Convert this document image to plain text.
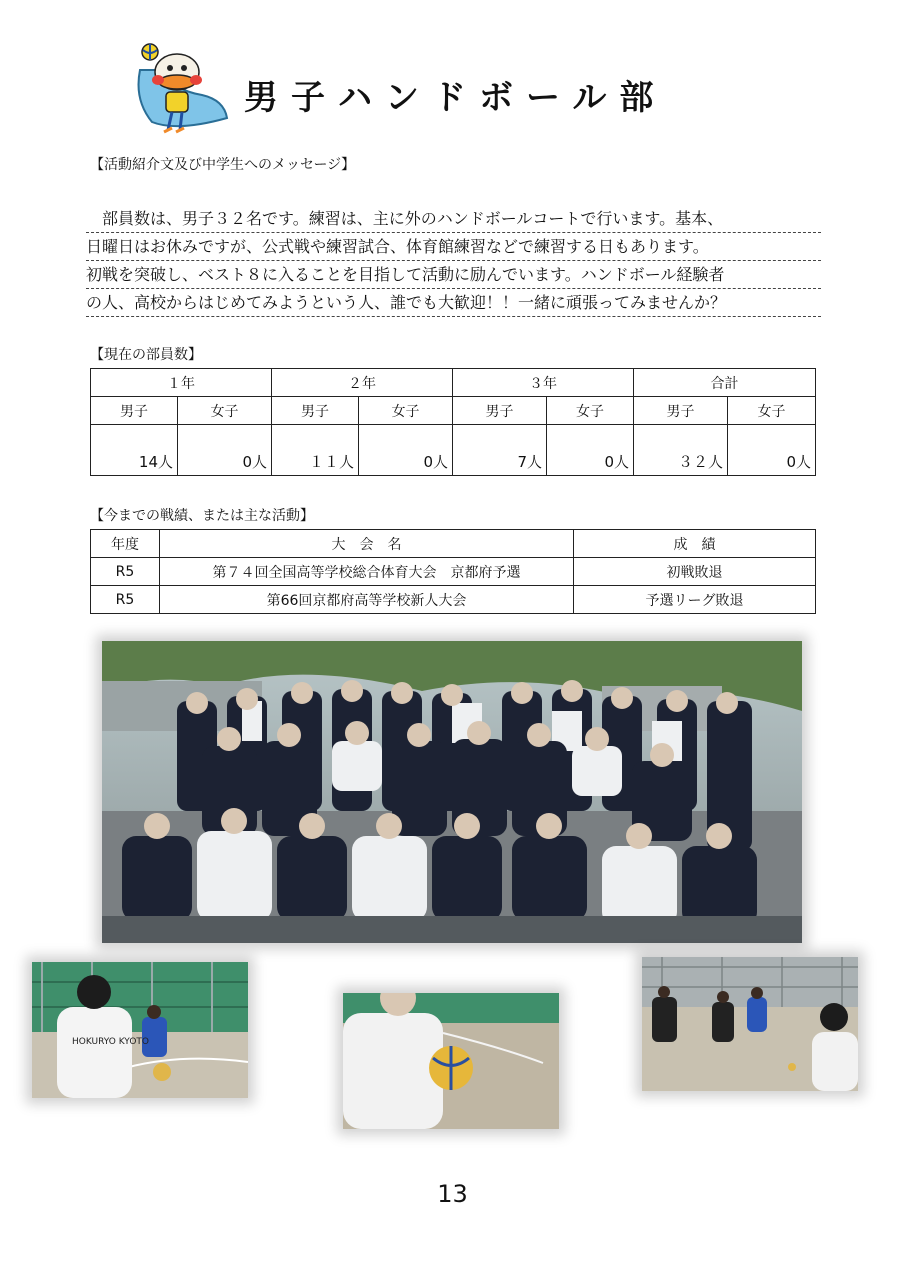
男子ハンドボール部
【活動紹介文及び中学生へのメッセージ】
　部員数は、男子３２名です。練習は、主に外のハンドボールコートで行います。基本、
日曜日はお休みですが、公式戦や練習試合、体育館練習などで練習する日もあります。
初戦を突破し、ベスト８に入ることを目指して活動に励んでいます。ハンドボール経験者
の人、高校からはじめてみようという人、誰でも大歓迎！！一緒に頑張ってみませんか？
【現在の部員数】
１年		２年		３年		合計	
男子	女子	男子	女子	男子	女子	男子	女子
14人	0人	１１人	0人	7人	0人	３２人	0人
【今までの戦績、または主な活動】
年度	大　会　名	成　績
R5	第７４回全国高等学校総合体育大会　京都府予選	初戦敗退
R5	第66回京都府高等学校新人大会	予選リーグ敗退
HOKURYO KYOTO
13
